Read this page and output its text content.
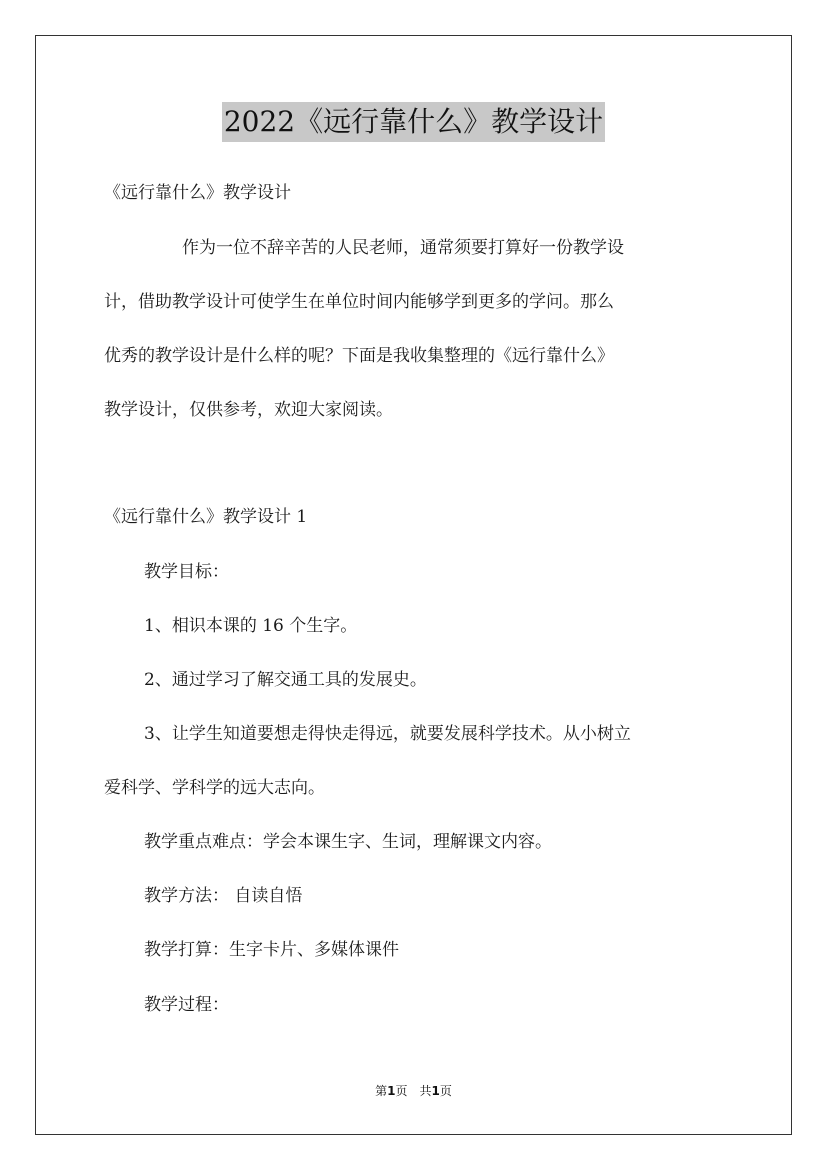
2022《远行靠什么》教学设计
《远行靠什么》教学设计
作为一位不辞辛苦的人民老师，通常须要打算好一份教学设
计，借助教学设计可使学生在单位时间内能够学到更多的学问。那么
优秀的教学设计是什么样的呢？下面是我收集整理的《远行靠什么》
教学设计，仅供参考，欢迎大家阅读。
《远行靠什么》教学设计 1
教学目标：
1、相识本课的 16 个生字。
2、通过学习了解交通工具的发展史。
3、让学生知道要想走得快走得远，就要发展科学技术。从小树立
爱科学、学科学的远大志向。
教学重点难点：学会本课生字、生词，理解课文内容。
教学方法： 自读自悟
教学打算：生字卡片、多媒体课件
教学过程：
第1页 共1页
